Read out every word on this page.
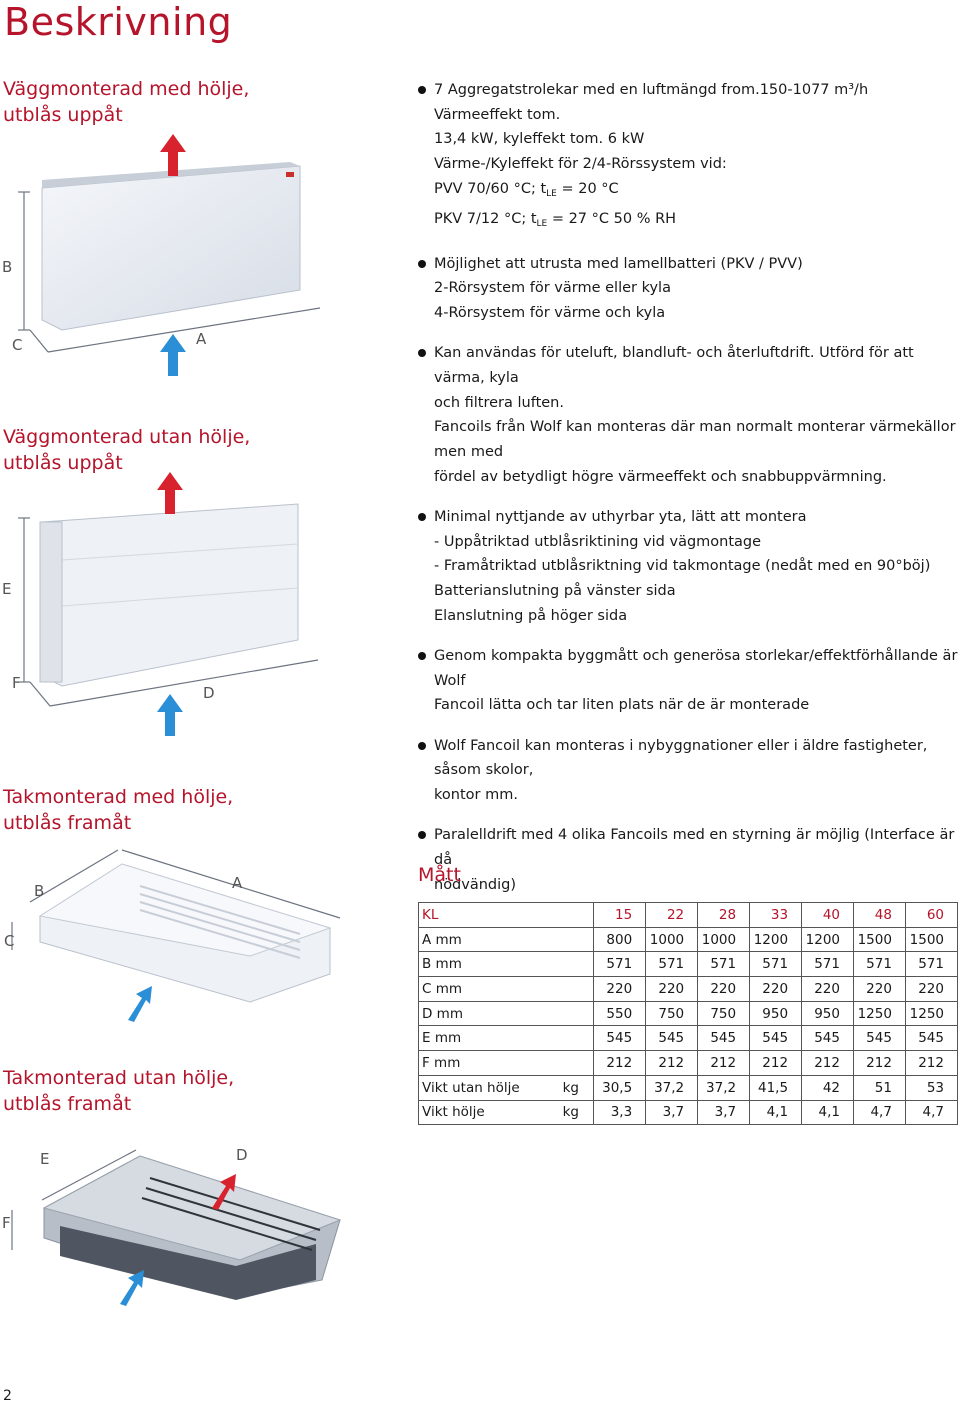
Beskrivning
Väggmonterad med hölje, utblås uppåt
Väggmonterad utan hölje, utblås uppåt
Takmonterad med hölje, utblås framåt
Takmonterad utan hölje, utblås framåt
B
C	A
E
F
D
B
C
A
E
F
D
7 Aggregatstrolekar med en luftmängd from.150-1077 m³/h Värmeeffekt tom.
13,4 kW, kyleffekt tom. 6 kW
Värme-/Kyleffekt för 2/4-Rörssystem vid:
PVV 70/60 °C; $t_{LE} = 20$ °C
PKV 7/12 °C; $t_{LE} = 27$ °C 50 % RH
Möjlighet att utrusta med lamellbatteri (PKV / PVV)
2-Rörsystem för värme eller kyla
4-Rörsystem för värme och kyla
Kan användas för uteluft, blandluft- och återluftdrift. Utförd för att värma, kyla
och filtrera luften.
Fancoils från Wolf kan monteras där man normalt monterar värmekällor men med
fördel av betydligt högre värmeeffekt och snabbuppvärmning.
Minimal nyttjande av uthyrbar yta, lätt att montera
- Uppåtriktad utblåsriktining vid vägmontage
- Framåtriktad utblåsriktning vid takmontage (nedåt med en 90°böj)
Batterianslutning på vänster sida
Elanslutning på höger sida
Genom kompakta byggmått och generösa storlekar/effektförhållande är Wolf
Fancoil lätta och tar liten plats när de är monterade
Wolf Fancoil kan monteras i nybyggnationer eller i äldre fastigheter, såsom skolor,
kontor mm.
Paralelldrift med 4 olika Fancoils med en styrning är möjlig (Interface är då
nödvändig)
Mått
KL		15	22	28	33	40	48	60
A mm		800	1000	1000	1200	1200	1500	1500
B mm		571	571	571	571	571	571	571
C mm		220	220	220	220	220	220	220
D mm		550	750	750	950	950	1250	1250
E mm		545	545	545	545	545	545	545
F mm		212	212	212	212	212	212	212
Vikt utan hölje	kg	30,5	37,2	37,2	41,5	42	51	53
Vikt hölje	kg	3,3	3,7	3,7	4,1	4,1	4,7	4,7
2
